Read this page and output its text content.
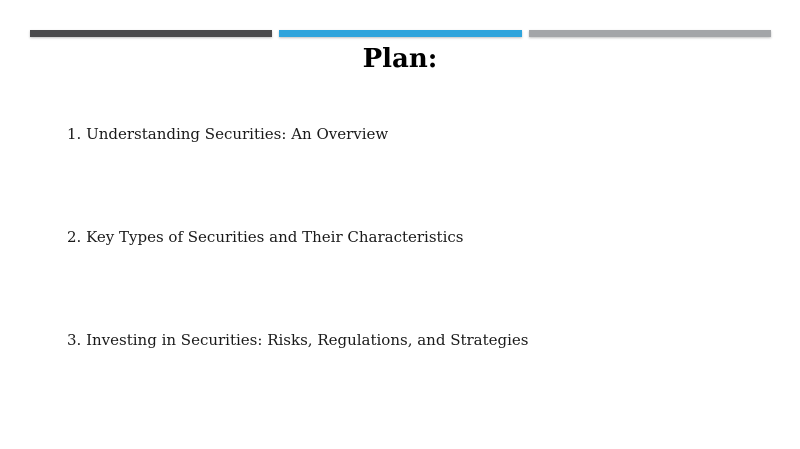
Plan:
1. Understanding Securities: An Overview
2. Key Types of Securities and Their Characteristics
3. Investing in Securities: Risks, Regulations, and Strategies
